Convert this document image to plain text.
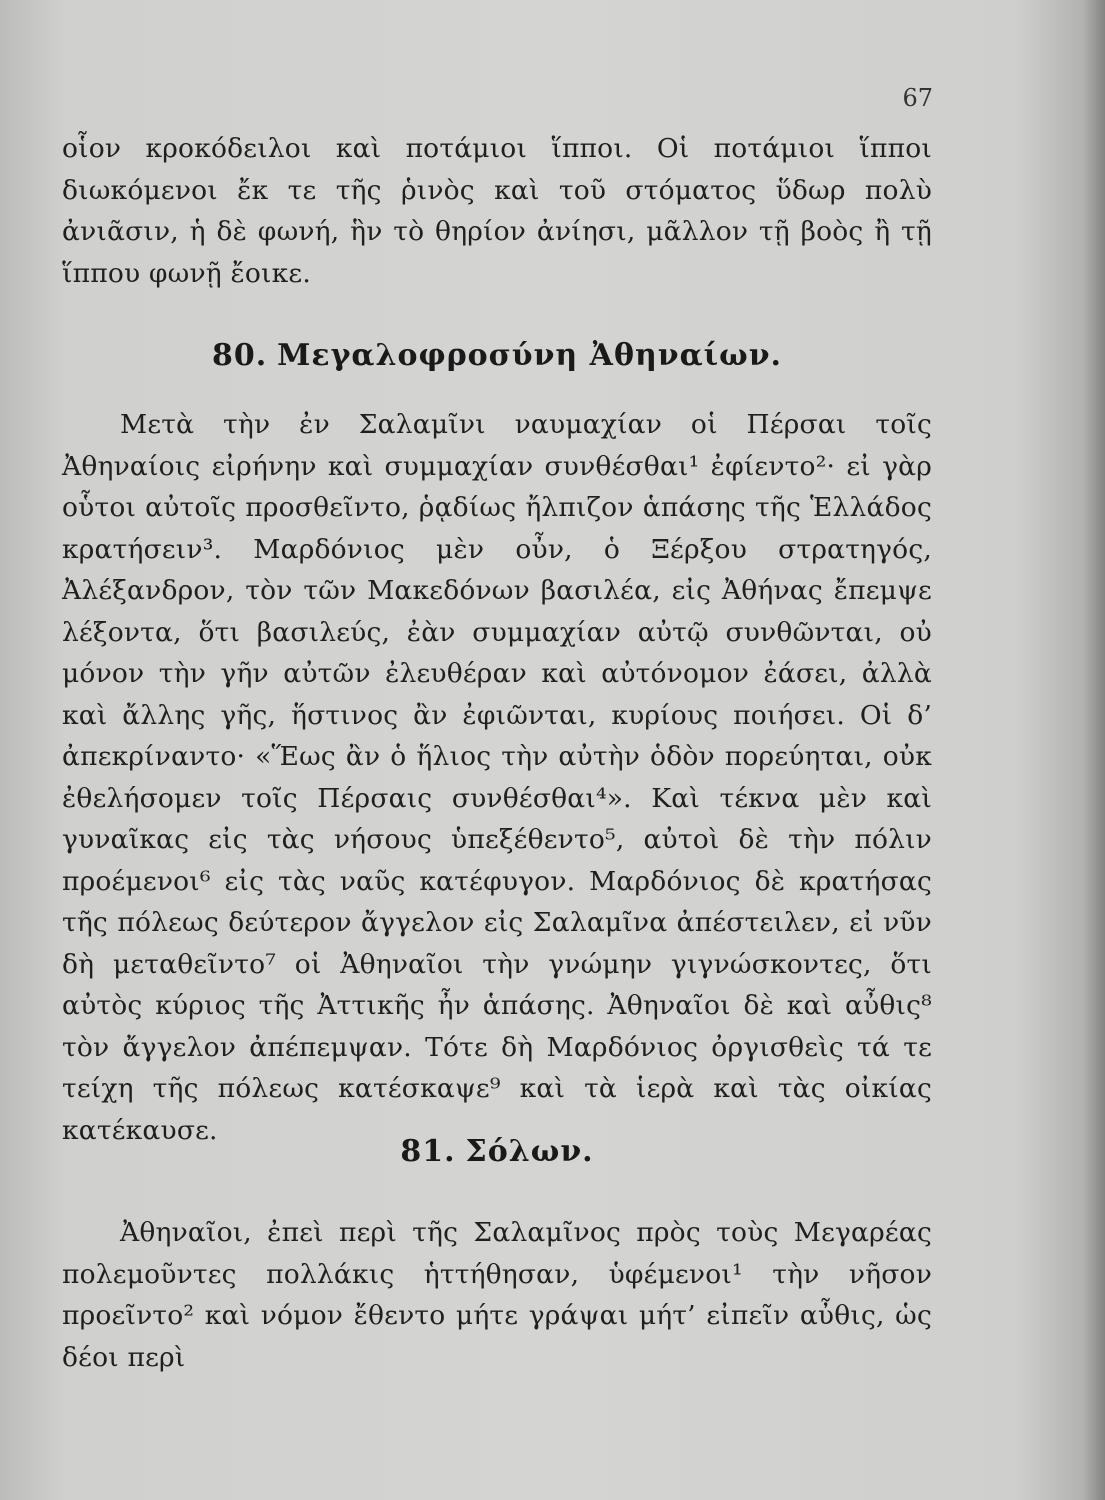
67

οἷον κροκόδειλοι καὶ ποτάμιοι ἵπποι. Οἱ ποτάμιοι ἵπποι διωκόμενοι ἔκ τε τῆς ῥινὸς καὶ τοῦ στόματος ὕδωρ πολὺ ἀνιᾶσιν, ἡ δὲ φωνή, ἣν τὸ θηρίον ἀνίησι, μᾶλλον τῇ βοὸς ἢ τῇ ἵππου φωνῇ ἔοικε.

80. Μεγαλοφροσύνη Ἀθηναίων.

Μετὰ τὴν ἐν Σαλαμῖνι ναυμαχίαν οἱ Πέρσαι τοῖς Ἀθηναίοις εἰρήνην καὶ συμμαχίαν συνθέσθαι¹ ἐφίεντο²· εἰ γὰρ οὗτοι αὐτοῖς προσθεῖντο, ῥᾳδίως ἤλπιζον ἁπάσης τῆς Ἑλλάδος κρατήσειν³. Μαρδόνιος μὲν οὖν, ὁ Ξέρξου στρατηγός, Ἀλέξανδρον, τὸν τῶν Μακεδόνων βασιλέα, εἰς Ἀθήνας ἔπεμψε λέξοντα, ὅτι βασιλεύς, ἐὰν συμμαχίαν αὐτῷ συνθῶνται, οὐ μόνον τὴν γῆν αὐτῶν ἐλευθέραν καὶ αὐτόνομον ἐάσει, ἀλλὰ καὶ ἄλλης γῆς, ἥστινος ἂν ἐφιῶνται, κυρίους ποιήσει. Οἱ δ’ ἀπεκρίναντο· «Ἕως ἂν ὁ ἥλιος τὴν αὐτὴν ὁδὸν πορεύηται, οὐκ ἐθελήσομεν τοῖς Πέρσαις συνθέσθαι⁴». Καὶ τέκνα μὲν καὶ γυναῖκας εἰς τὰς νήσους ὑπεξέθεντο⁵, αὐτοὶ δὲ τὴν πόλιν προέμενοι⁶ εἰς τὰς ναῦς κατέφυγον. Μαρδόνιος δὲ κρατήσας τῆς πόλεως δεύτερον ἄγγελον εἰς Σαλαμῖνα ἀπέστειλεν, εἰ νῦν δὴ μεταθεῖντο⁷ οἱ Ἀθηναῖοι τὴν γνώμην γιγνώσκοντες, ὅτι αὐτὸς κύριος τῆς Ἀττικῆς ἦν ἁπάσης. Ἀθηναῖοι δὲ καὶ αὖθις⁸ τὸν ἄγγελον ἀπέπεμψαν. Τότε δὴ Μαρδόνιος ὀργισθεὶς τά τε τείχη τῆς πόλεως κατέσκαψε⁹ καὶ τὰ ἱερὰ καὶ τὰς οἰκίας κατέκαυσε.

81. Σόλων.

Ἀθηναῖοι, ἐπεὶ περὶ τῆς Σαλαμῖνος πρὸς τοὺς Μεγαρέας πολεμοῦντες πολλάκις ἡττήθησαν, ὑφέμενοι¹ τὴν νῆσον προεῖντο² καὶ νόμον ἔθεντο μήτε γράψαι μήτ’ εἰπεῖν αὖθις, ὡς δέοι περὶ
